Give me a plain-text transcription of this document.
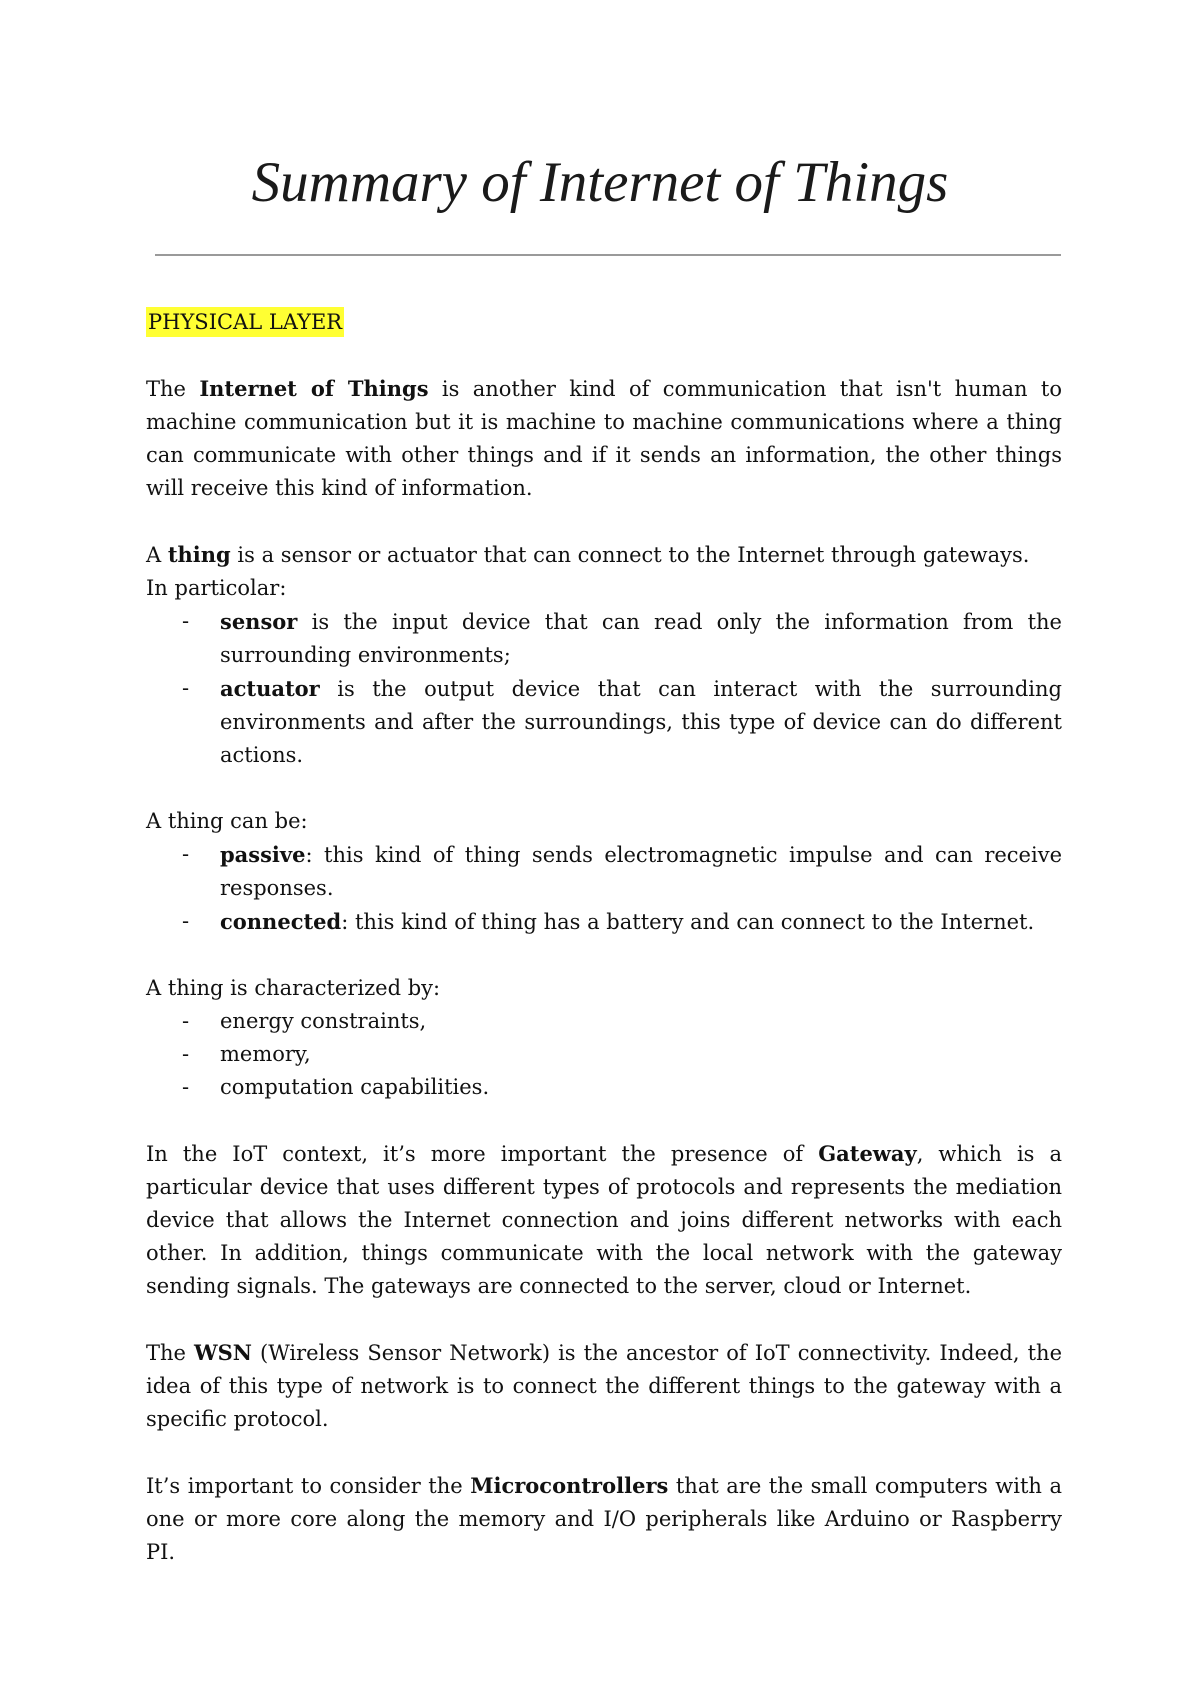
Summary of Internet of Things

PHYSICAL LAYER

The Internet of Things is another kind of communication that isn't human to machine communication but it is machine to machine communications where a thing can communicate with other things and if it sends an information, the other things will receive this kind of information.

A thing is a sensor or actuator that can connect to the Internet through gateways.

In particolar:

- sensor is the input device that can read only the information from the surrounding environments;
- actuator is the output device that can interact with the surrounding environments and after the surroundings, this type of device can do different actions.

A thing can be:

- passive: this kind of thing sends electromagnetic impulse and can receive responses.
- connected: this kind of thing has a battery and can connect to the Internet.

A thing is characterized by:

- energy constraints,
- memory,
- computation capabilities.

In the IoT context, it’s more important the presence of Gateway, which is a particular device that uses different types of protocols and represents the mediation device that allows the Internet connection and joins different networks with each other. In addition, things communicate with the local network with the gateway sending signals. The gateways are connected to the server, cloud or Internet.

The WSN (Wireless Sensor Network) is the ancestor of IoT connectivity. Indeed, the idea of this type of network is to connect the different things to the gateway with a specific protocol.

It’s important to consider the Microcontrollers that are the small computers with a one or more core along the memory and I/O peripherals like Arduino or Raspberry PI.
